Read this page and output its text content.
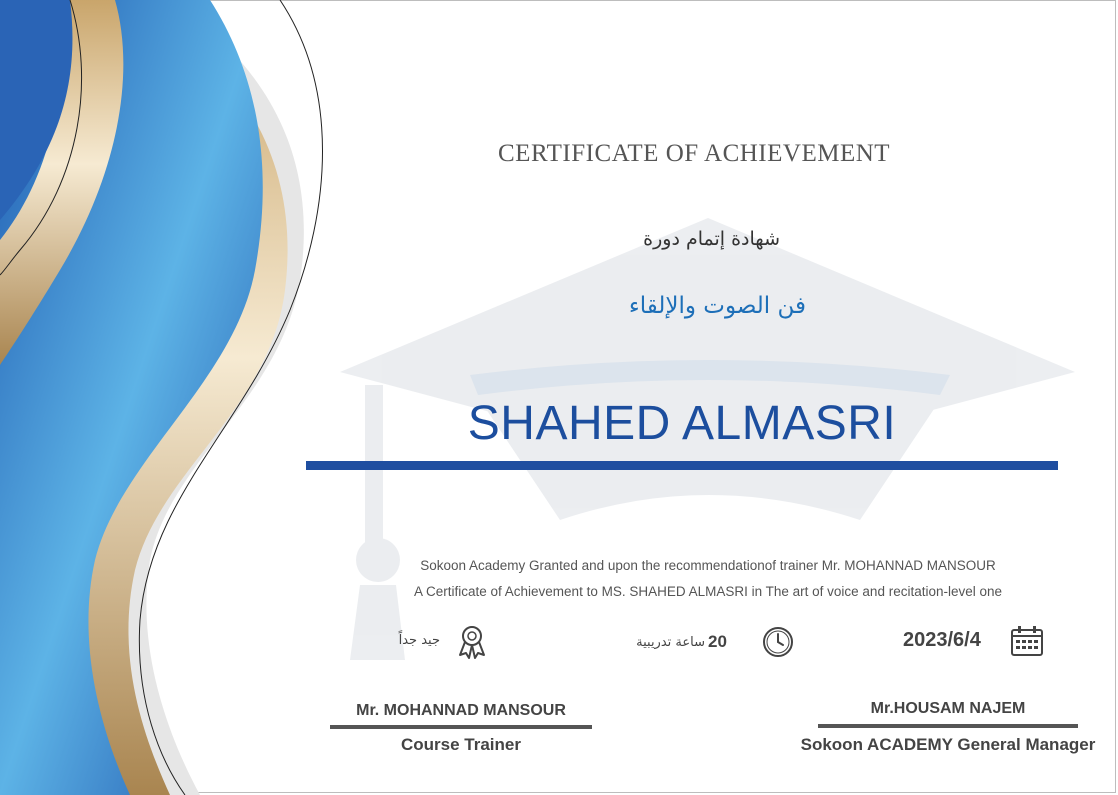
CERTIFICATE OF ACHIEVEMENT
شهادة إتمام دورة
فن الصوت والإلقاء
SHAHED ALMASRI
Sokoon Academy Granted and upon the recommendationof trainer Mr. MOHANNAD MANSOUR
A Certificate of Achievement to MS. SHAHED ALMASRI in The art of voice and recitation-level one
جيد جداً	20
ساعة تدريبية	2023/6/4
Mr. MOHANNAD MANSOUR
Course Trainer
Mr.HOUSAM NAJEM
Sokoon ACADEMY General Manager
